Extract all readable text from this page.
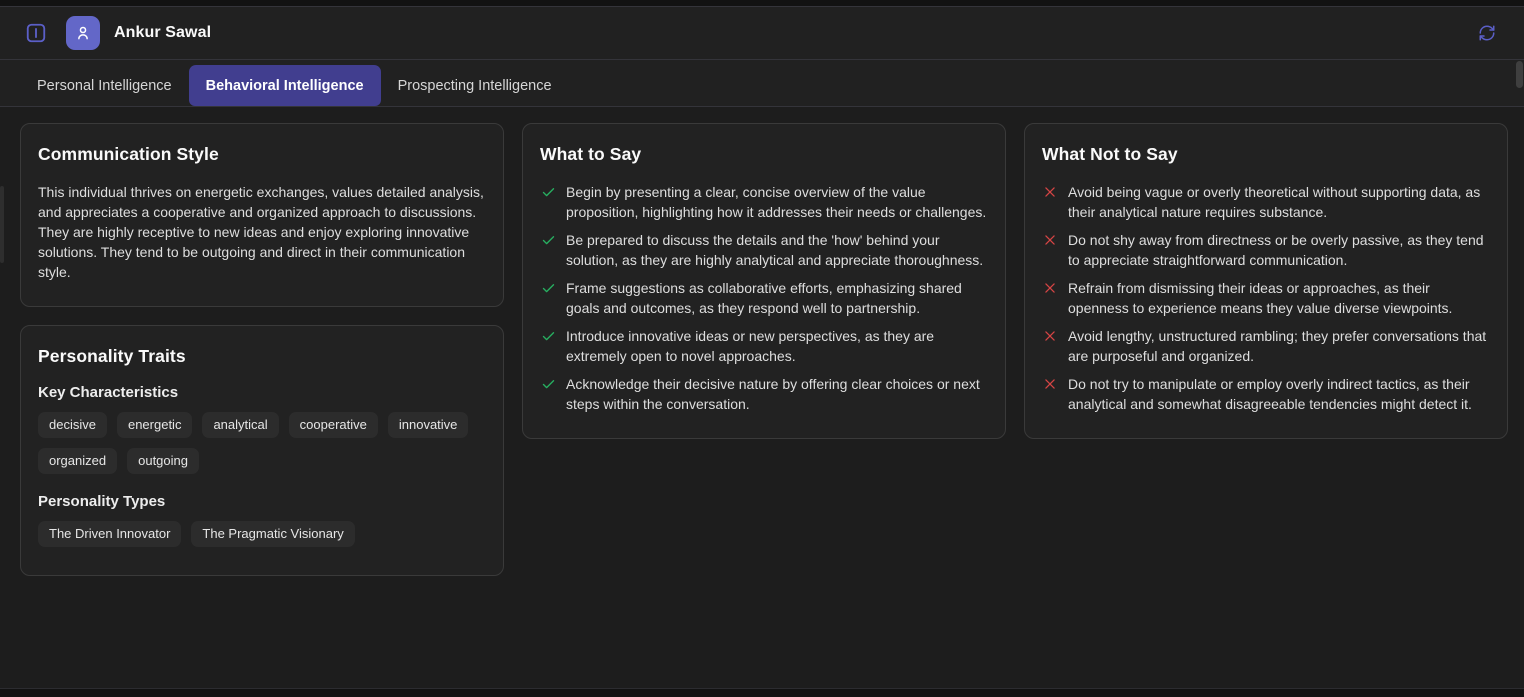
Ankur Sawal
Personal Intelligence	Behavioral Intelligence	Prospecting Intelligence
Communication Style
This individual thrives on energetic exchanges, values detailed analysis, and appreciates a cooperative and organized approach to discussions. They are highly receptive to new ideas and enjoy exploring innovative solutions. They tend to be outgoing and direct in their communication style.
Personality Traits
Key Characteristics
decisive	energetic	analytical	cooperative	innovative
organized	outgoing
Personality Types
The Driven Innovator	The Pragmatic Visionary
What to Say
Begin by presenting a clear, concise overview of the value proposition, highlighting how it addresses their needs or challenges.
Be prepared to discuss the details and the 'how' behind your solution, as they are highly analytical and appreciate thoroughness.
Frame suggestions as collaborative efforts, emphasizing shared goals and outcomes, as they respond well to partnership.
Introduce innovative ideas or new perspectives, as they are extremely open to novel approaches.
Acknowledge their decisive nature by offering clear choices or next steps within the conversation.
What Not to Say
Avoid being vague or overly theoretical without supporting data, as their analytical nature requires substance.
Do not shy away from directness or be overly passive, as they tend to appreciate straightforward communication.
Refrain from dismissing their ideas or approaches, as their openness to experience means they value diverse viewpoints.
Avoid lengthy, unstructured rambling; they prefer conversations that are purposeful and organized.
Do not try to manipulate or employ overly indirect tactics, as their analytical and somewhat disagreeable tendencies might detect it.
